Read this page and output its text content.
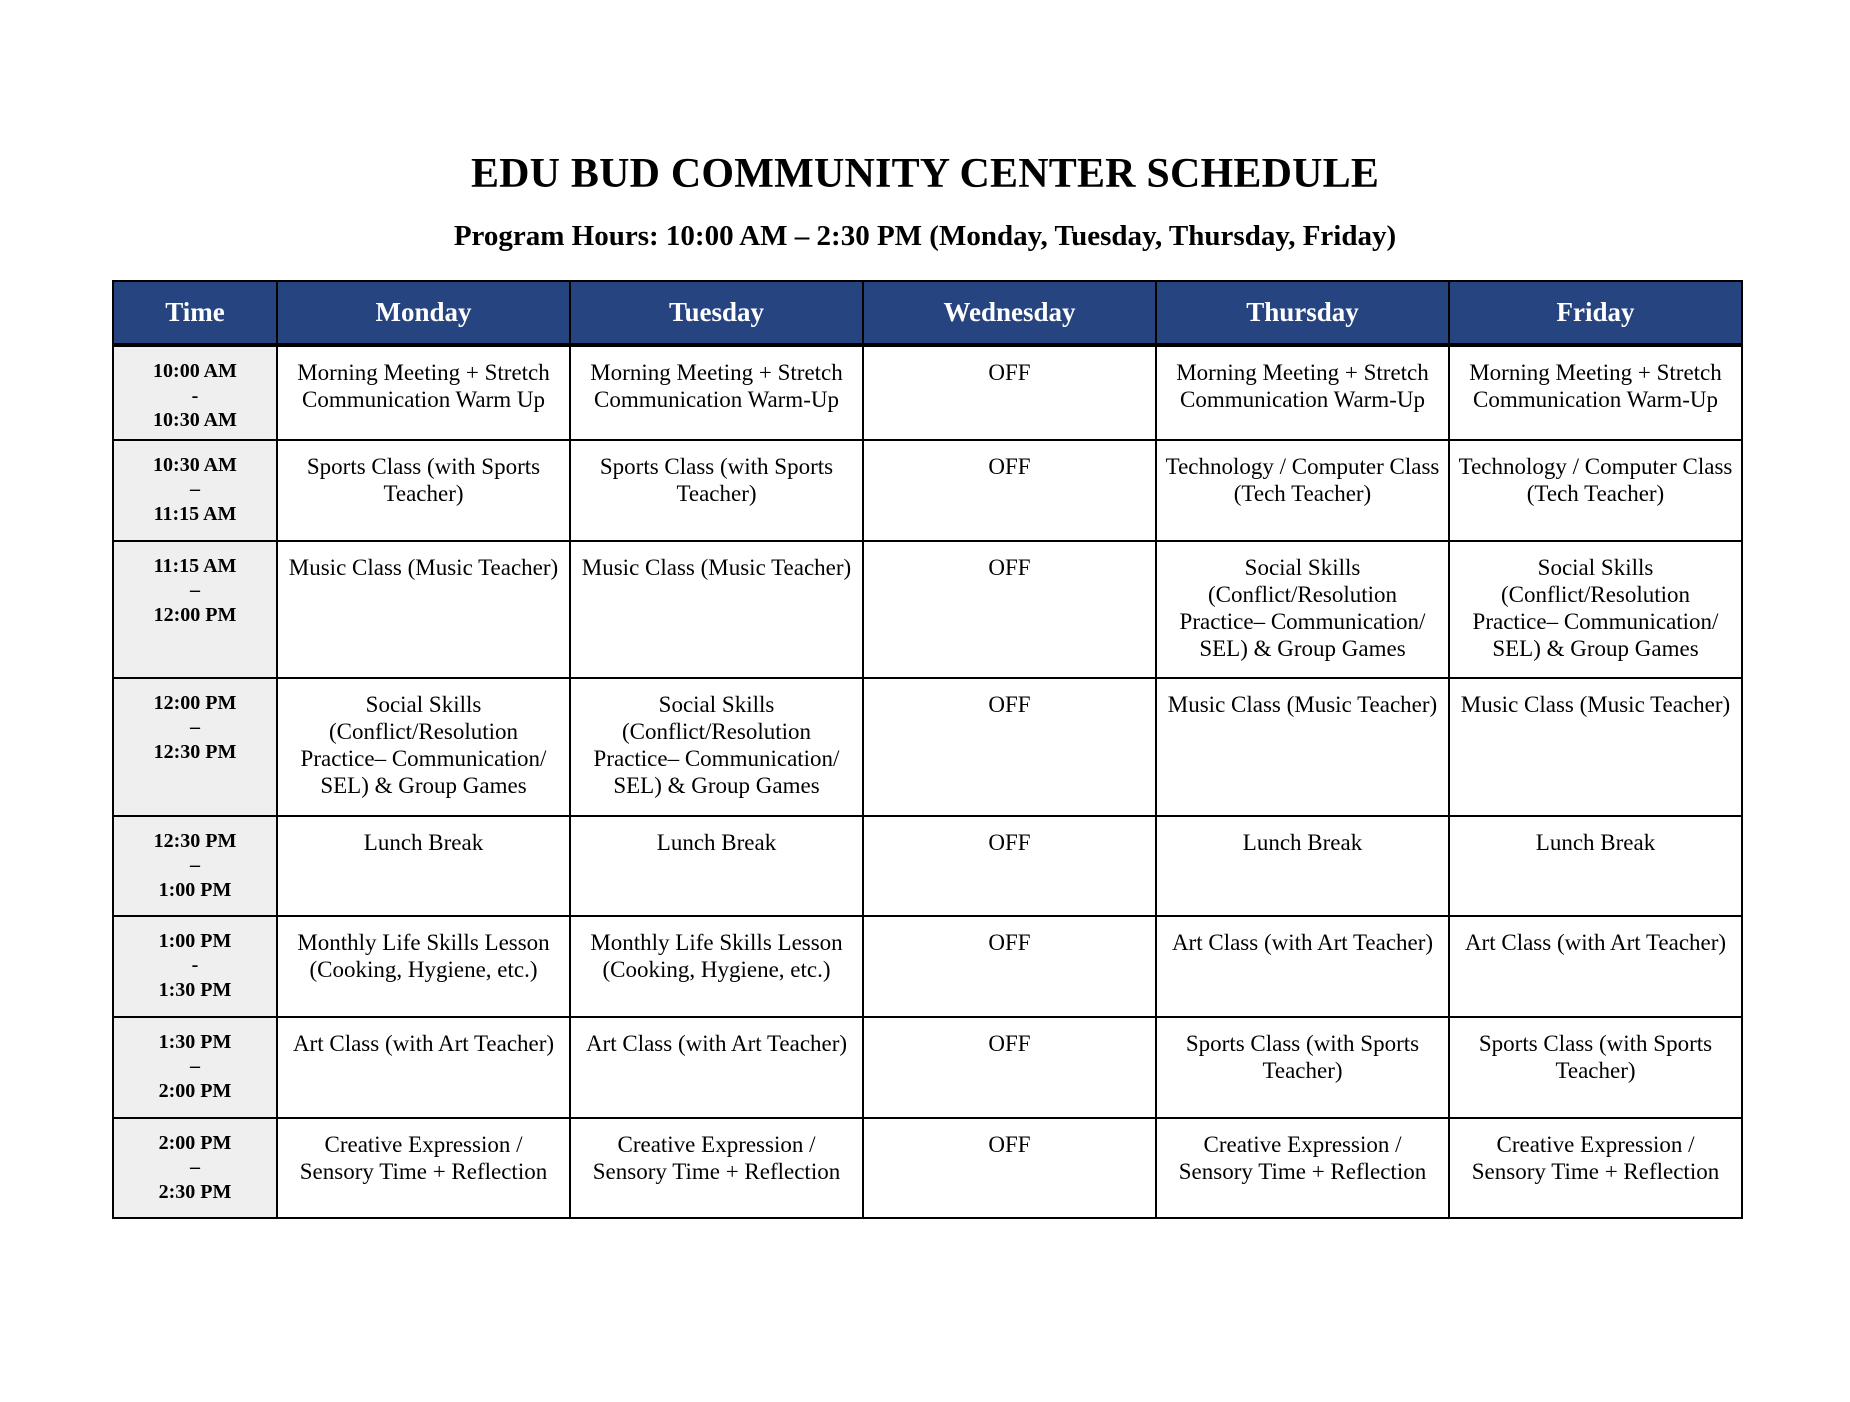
EDU BUD COMMUNITY CENTER SCHEDULE
Program Hours: 10:00 AM – 2:30 PM (Monday, Tuesday, Thursday, Friday)
Time	Monday	Tuesday	Wednesday	Thursday	Friday

10:00 AM
-
10:30 AM	Morning Meeting + Stretch Communication Warm Up	Morning Meeting + Stretch Communication Warm-Up	OFF	Morning Meeting + Stretch Communication Warm-Up	Morning Meeting + Stretch Communication Warm-Up

10:30 AM
–
11:15 AM	Sports Class (with Sports Teacher)	Sports Class (with Sports Teacher)	OFF	Technology / Computer Class (Tech Teacher)	Technology / Computer Class (Tech Teacher)

11:15 AM
–
12:00 PM	Music Class (Music Teacher)	Music Class (Music Teacher)	OFF	Social Skills (Conflict/Resolution Practice– Communication/ SEL) & Group Games	Social Skills (Conflict/Resolution Practice– Communication/ SEL) & Group Games

12:00 PM
–
12:30 PM	Social Skills (Conflict/Resolution Practice– Communication/ SEL) & Group Games	Social Skills (Conflict/Resolution Practice– Communication/ SEL) & Group Games	OFF	Music Class (Music Teacher)	Music Class (Music Teacher)

12:30 PM
–
1:00 PM	Lunch Break	Lunch Break	OFF	Lunch Break	Lunch Break

1:00 PM
-
1:30 PM	Monthly Life Skills Lesson (Cooking, Hygiene, etc.)	Monthly Life Skills Lesson (Cooking, Hygiene, etc.)	OFF	Art Class (with Art Teacher)	Art Class (with Art Teacher)

1:30 PM
–
2:00 PM	Art Class (with Art Teacher)	Art Class (with Art Teacher)	OFF	Sports Class (with Sports Teacher)	Sports Class (with Sports Teacher)

2:00 PM
–
2:30 PM	Creative Expression / Sensory Time + Reflection	Creative Expression / Sensory Time + Reflection	OFF	Creative Expression / Sensory Time + Reflection	Creative Expression / Sensory Time + Reflection
